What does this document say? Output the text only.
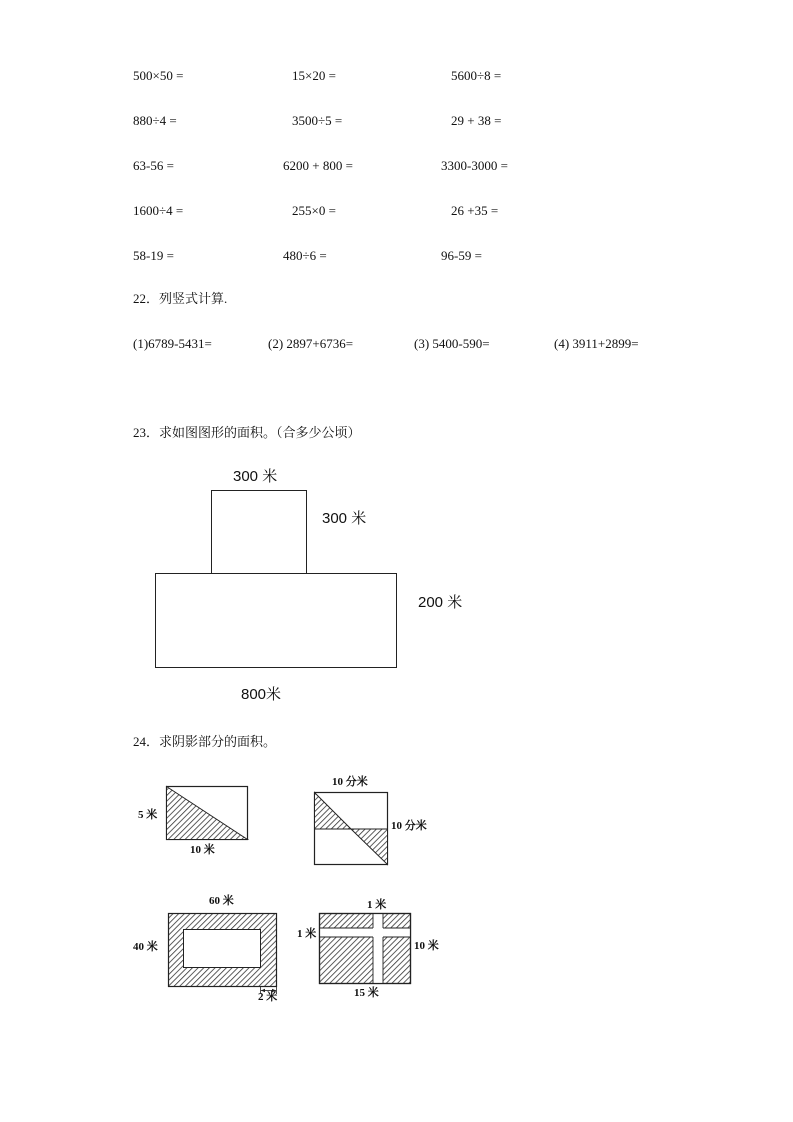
500×50 =	15×20 =	5600÷8 =
880÷4 =	3500÷5 =	29 + 38 =
63-56 =	6200 + 800 =	3300-3000 =
1600÷4 =	255×0 =	26 +35 =
58-19 =	480÷6 =	96-59 =
22．列竖式计算.
(1)6789-5431=	(2) 2897+6736=	(3) 5400-590=	(4) 3911+2899=
23．求如图图形的面积。（合多少公顷）
300 米
300 米
200 米
800米
24．求阴影部分的面积。
5 米
10 米
10 分米
10 分米
60 米
40 米
2 米
1 米
1 米
10 米
15 米
